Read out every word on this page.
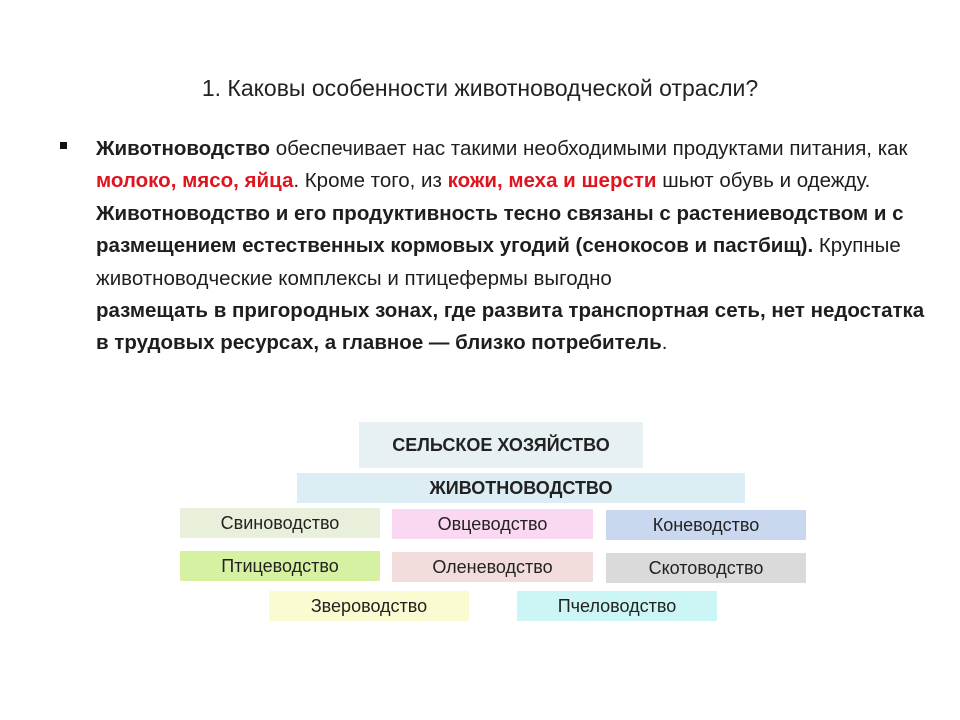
1. Каковы особенности животноводческой отрасли?
Животноводство обеспечивает нас такими необходимыми продуктами питания, как молоко, мясо, яйца. Кроме того, из кожи, меха и шерсти шьют обувь и одежду. Животноводство и его продуктивность тесно связаны с растениеводством и с размещением естественных кормовых угодий (сенокосов и пастбищ). Крупные животноводческие комплексы и птицефермы выгодно
размещать в пригородных зонах, где развита транспортная сеть, нет недостатка в трудовых ресурсах, а главное — близко потребитель.
СЕЛЬСКОЕ ХОЗЯЙСТВО
ЖИВОТНОВОДСТВО
Свиноводство	Овцеводство	Коневодство
Птицеводство	Оленеводство	Скотоводство
Звероводство	Пчеловодство
